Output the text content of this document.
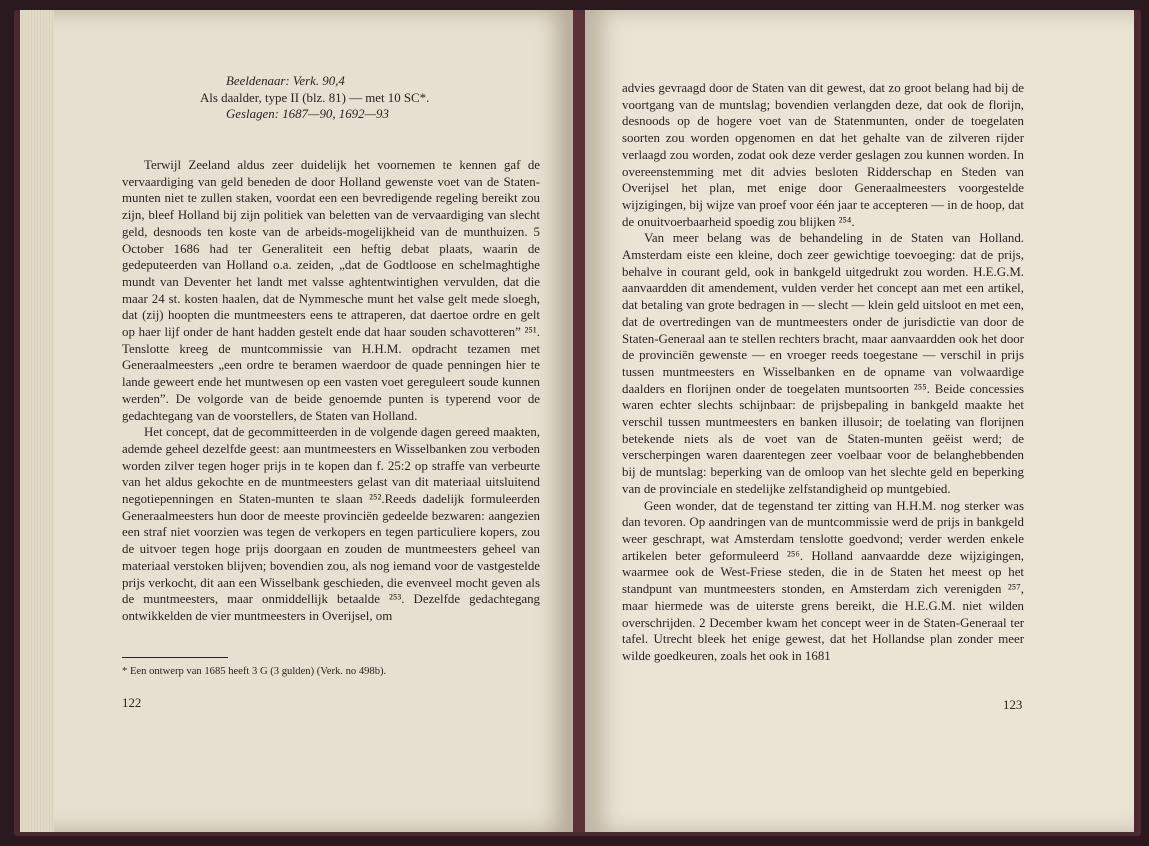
Beeldenaar: Verk. 90,4
Als daalder, type II (blz. 81) — met 10 SC*.
Geslagen: 1687—90, 1692—93

Terwijl Zeeland aldus zeer duidelijk het voornemen te kennen gaf de vervaardiging van geld beneden de door Holland gewenste voet van de Staten-munten niet te zullen staken, voordat een een bevredigende regeling bereikt zou zijn, bleef Holland bij zijn politiek van beletten van de vervaardiging van slecht geld, desnoods ten koste van de arbeids-mogelijkheid van de munthuizen. 5 October 1686 had ter Generaliteit een heftig debat plaats, waarin de gedeputeerden van Holland o.a. zeiden, „dat de Godtloose en schelmaghtighe mundt van Deventer het landt met valsse aghtentwintighen vervulden, dat die maar 24 st. kosten haalen, dat de Nymmesche munt het valse gelt mede sloegh, dat (zij) hoopten die muntmeesters eens te attraperen, dat daertoe ordre en gelt op haer lijf onder de hant hadden gestelt ende dat haar souden schavotteren” ²⁵¹. Tenslotte kreeg de muntcommissie van H.H.M. opdracht tezamen met Generaalmeesters „een ordre te beramen waerdoor de quade penningen hier te lande geweert ende het muntwesen op een vasten voet gereguleert soude kunnen werden”. De volgorde van de beide genoemde punten is typerend voor de gedachtegang van de voorstellers, de Staten van Holland.

Het concept, dat de gecommitteerden in de volgende dagen gereed maakten, ademde geheel dezelfde geest: aan muntmeesters en Wisselbanken zou verboden worden zilver tegen hoger prijs in te kopen dan f. 25:2 op straffe van verbeurte van het aldus gekochte en de muntmeesters gelast van dit materiaal uitsluitend negotiepenningen en Staten-munten te slaan ²⁵².Reeds dadelijk formuleerden Generaalmeesters hun door de meeste provinciën gedeelde bezwaren: aangezien een straf niet voorzien was tegen de verkopers en tegen particuliere kopers, zou de uitvoer tegen hoge prijs doorgaan en zouden de muntmeesters geheel van materiaal verstoken blijven; bovendien zou, als nog iemand voor de vastgestelde prijs verkocht, dit aan een Wisselbank geschieden, die evenveel mocht geven als de muntmeesters, maar onmiddellijk betaalde ²⁵³. Dezelfde gedachtegang ontwikkelden de vier muntmeesters in Overijsel, om

* Een ontwerp van 1685 heeft 3 G (3 gulden) (Verk. no 498b).
122

advies gevraagd door de Staten van dit gewest, dat zo groot belang had bij de voortgang van de muntslag; bovendien verlangden deze, dat ook de florijn, desnoods op de hogere voet van de Statenmunten, onder de toegelaten soorten zou worden opgenomen en dat het gehalte van de zilveren rijder verlaagd zou worden, zodat ook deze verder geslagen zou kunnen worden. In overeenstemming met dit advies besloten Ridderschap en Steden van Overijsel het plan, met enige door Generaalmeesters voorgestelde wijzigingen, bij wijze van proef voor één jaar te accepteren — in de hoop, dat de onuitvoerbaarheid spoedig zou blijken ²⁵⁴.

Van meer belang was de behandeling in de Staten van Holland. Amsterdam eiste een kleine, doch zeer gewichtige toevoeging: dat de prijs, behalve in courant geld, ook in bankgeld uitgedrukt zou worden. H.E.G.M. aanvaardden dit amendement, vulden verder het concept aan met een artikel, dat betaling van grote bedragen in — slecht — klein geld uitsloot en met een, dat de overtredingen van de muntmeesters onder de jurisdictie van door de Staten-Generaal aan te stellen rechters bracht, maar aanvaardden ook het door de provinciën gewenste — en vroeger reeds toegestane — verschil in prijs tussen muntmeesters en Wisselbanken en de opname van volwaardige daalders en florijnen onder de toegelaten muntsoorten ²⁵⁵. Beide concessies waren echter slechts schijnbaar: de prijsbepaling in bankgeld maakte het verschil tussen muntmeesters en banken illusoir; de toelating van florijnen betekende niets als de voet van de Staten-munten geëist werd; de verscherpingen waren daarentegen zeer voelbaar voor de belanghebbenden bij de muntslag: beperking van de omloop van het slechte geld en beperking van de provinciale en stedelijke zelfstandigheid op muntgebied.

Geen wonder, dat de tegenstand ter zitting van H.H.M. nog sterker was dan tevoren. Op aandringen van de muntcommissie werd de prijs in bankgeld weer geschrapt, wat Amsterdam tenslotte goedvond; verder werden enkele artikelen beter geformuleerd ²⁵⁶. Holland aanvaardde deze wijzigingen, waarmee ook de West-Friese steden, die in de Staten het meest op het standpunt van muntmeesters stonden, en Amsterdam zich verenigden ²⁵⁷, maar hiermede was de uiterste grens bereikt, die H.E.G.M. niet wilden overschrijden. 2 December kwam het concept weer in de Staten-Generaal ter tafel. Utrecht bleek het enige gewest, dat het Hollandse plan zonder meer wilde goedkeuren, zoals het ook in 1681

123
